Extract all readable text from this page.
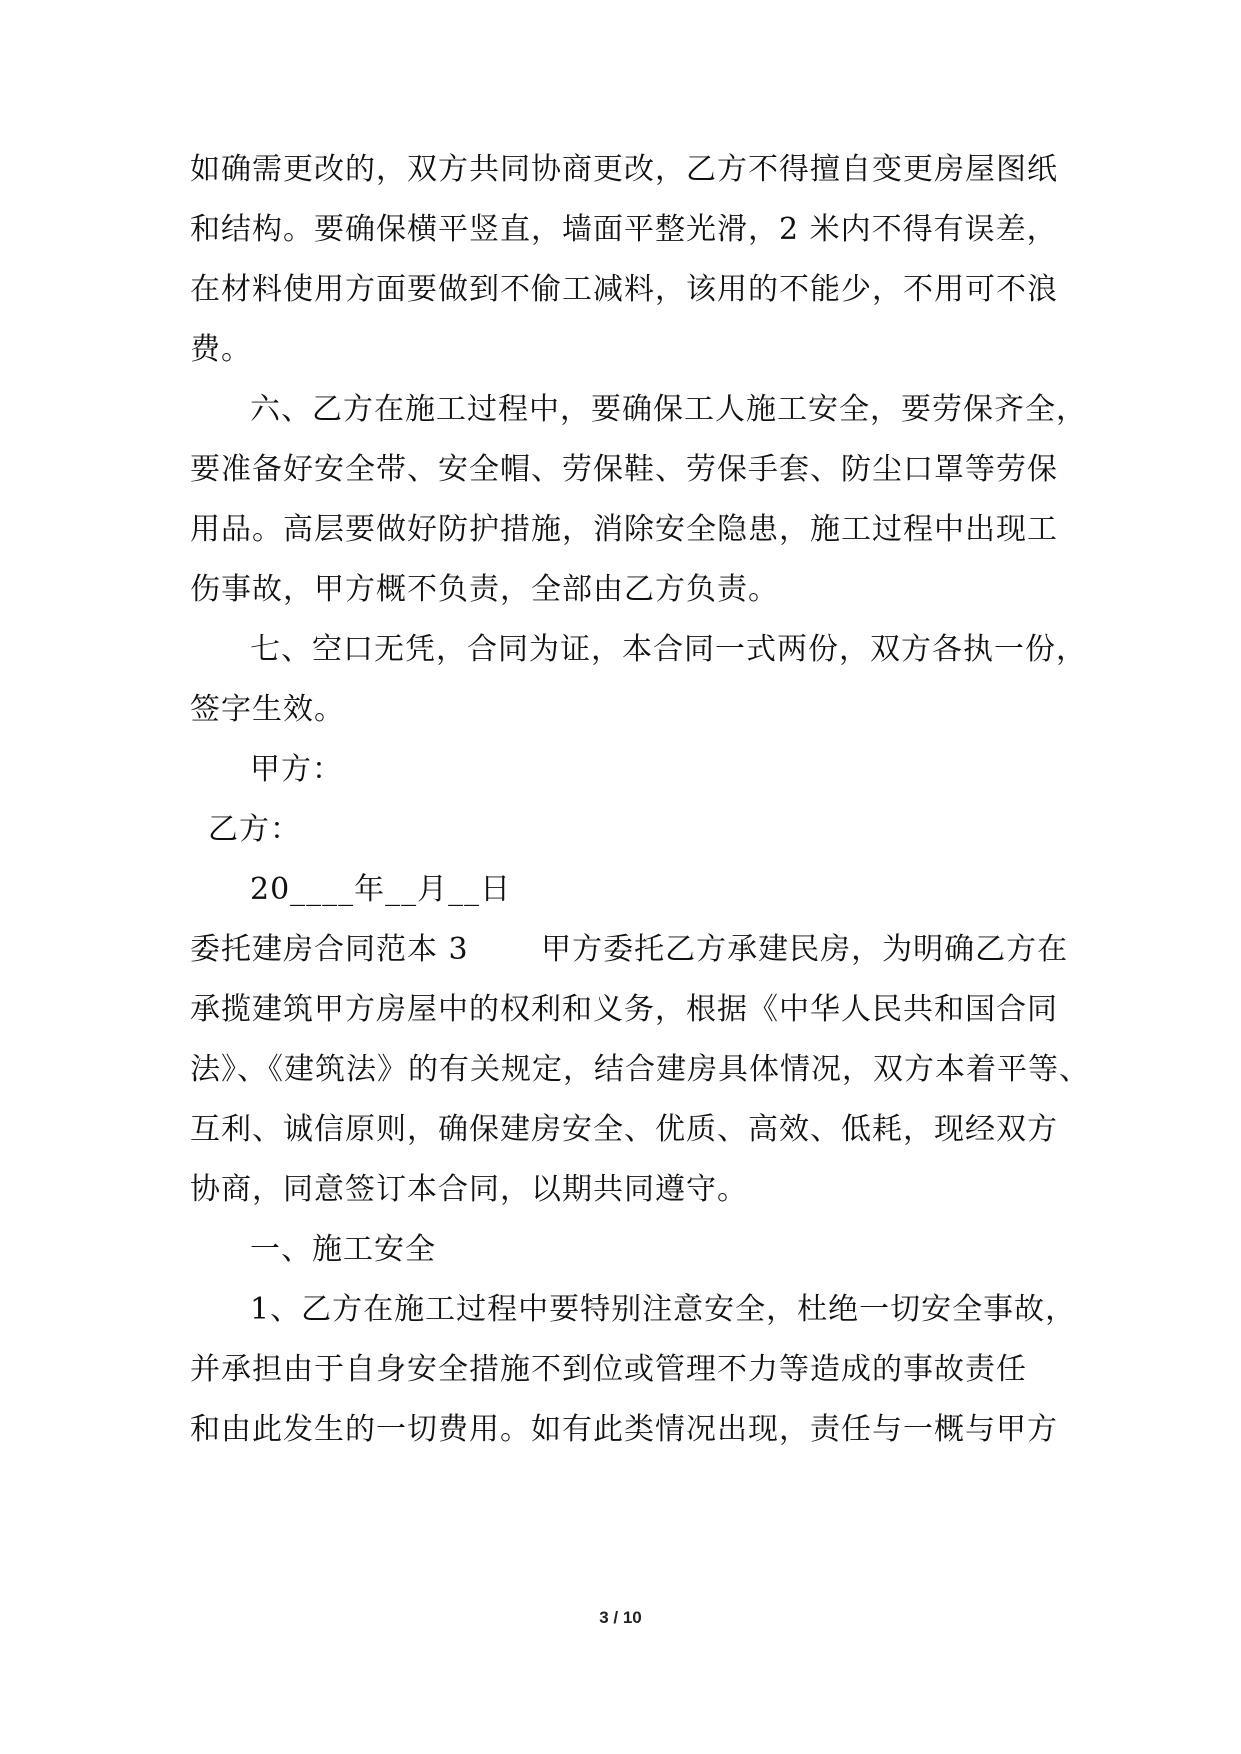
如确需更改的，双方共同协商更改，乙方不得擅自变更房屋图纸
和结构。要确保横平竖直，墙面平整光滑，2 米内不得有误差，
在材料使用方面要做到不偷工减料，该用的不能少，不用可不浪
费。
六、乙方在施工过程中，要确保工人施工安全，要劳保齐全，
要准备好安全带、安全帽、劳保鞋、劳保手套、防尘口罩等劳保
用品。高层要做好防护措施，消除安全隐患，施工过程中出现工
伤事故，甲方概不负责，全部由乙方负责。
七、空口无凭，合同为证，本合同一式两份，双方各执一份，
签字生效。
甲方：
乙方：
20____年__月__日
委托建房合同范本 3　　 甲方委托乙方承建民房，为明确乙方在
承揽建筑甲方房屋中的权利和义务，根据《中华人民共和国合同
法》、《建筑法》的有关规定，结合建房具体情况，双方本着平等、
互利、诚信原则，确保建房安全、优质、高效、低耗，现经双方
协商，同意签订本合同，以期共同遵守。
一、施工安全
1、乙方在施工过程中要特别注意安全，杜绝一切安全事故，
并承担由于自身安全措施不到位或管理不力等造成的事故责任
和由此发生的一切费用。如有此类情况出现，责任与一概与甲方
3 / 10
